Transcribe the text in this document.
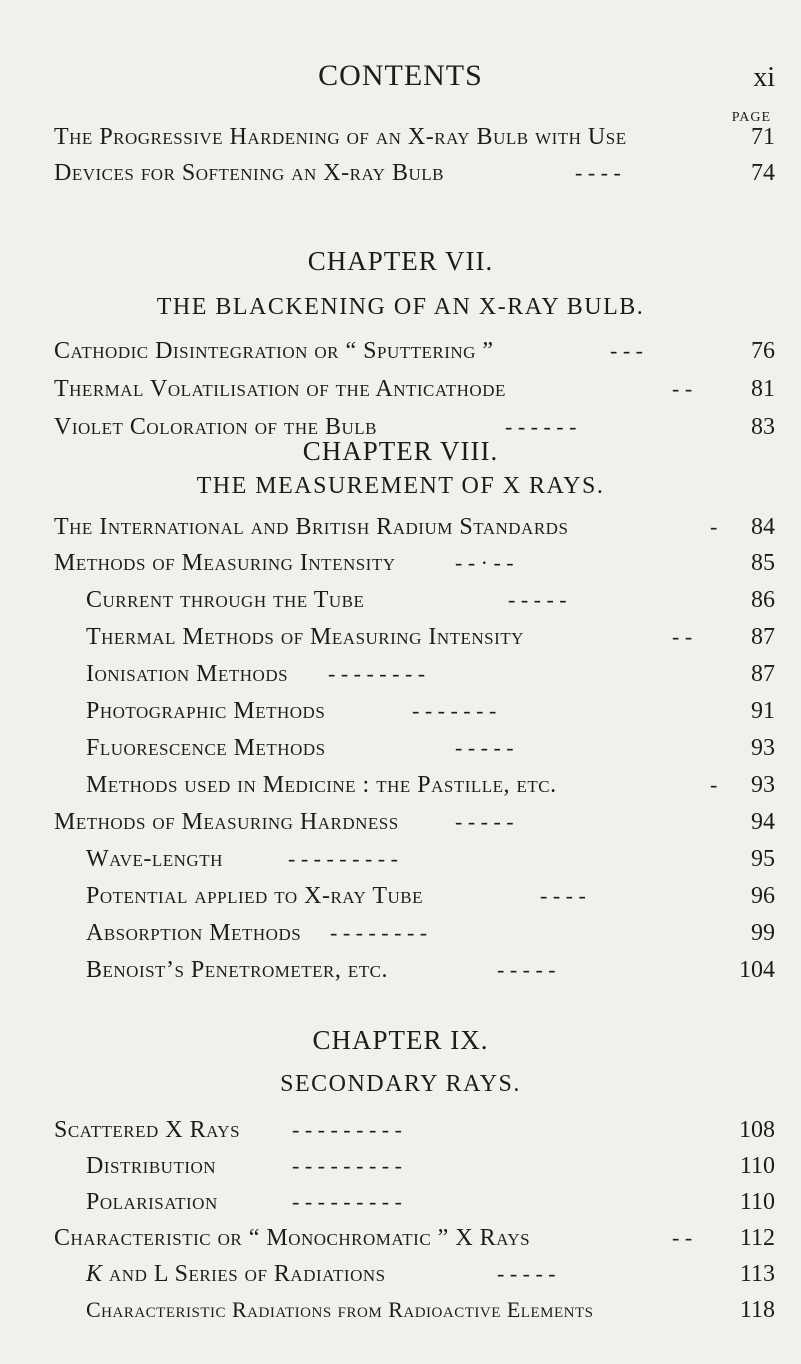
CONTENTS	xi
PAGE
The Progressive Hardening of an X-ray Bulb with Use	71
Devices for Softening an X-ray Bulb	- - - -	74
CHAPTER VII.
THE BLACKENING OF AN X-RAY BULB.
Cathodic Disintegration or “ Sputtering ”	- - -	76
Thermal Volatilisation of the Anticathode	- -	81
Violet Coloration of the Bulb	- - - - - -	83
CHAPTER VIII.
THE MEASUREMENT OF X RAYS.
The International and British Radium Standards	-	84
Methods of Measuring Intensity	- - · - -	85
Current through the Tube	- - - - -	86
Thermal Methods of Measuring Intensity	- -	87
Ionisation Methods - - - - - - - -	87
Photographic Methods	- - - - - - -	91
Fluorescence Methods	- - - - -	93
Methods used in Medicine : the Pastille, etc.	-	93
Methods of Measuring Hardness	- - - - -	94
Wave-length	- - - - - - - - -	95
Potential applied to X-ray Tube	- - - -	96
Absorption Methods - - - - - - - -	99
Benoist’s Penetrometer, etc.	- - - - -	104
CHAPTER IX.
SECONDARY RAYS.
Scattered X Rays - - - - - - - - -	108
Distribution	- - - - - - - - -	110
Polarisation	- - - - - - - - -	110
Characteristic or “ Monochromatic ” X Rays	- -	112
K and L Series of Radiations	- - - - -	113
Characteristic Radiations from Radioactive Elements	118
